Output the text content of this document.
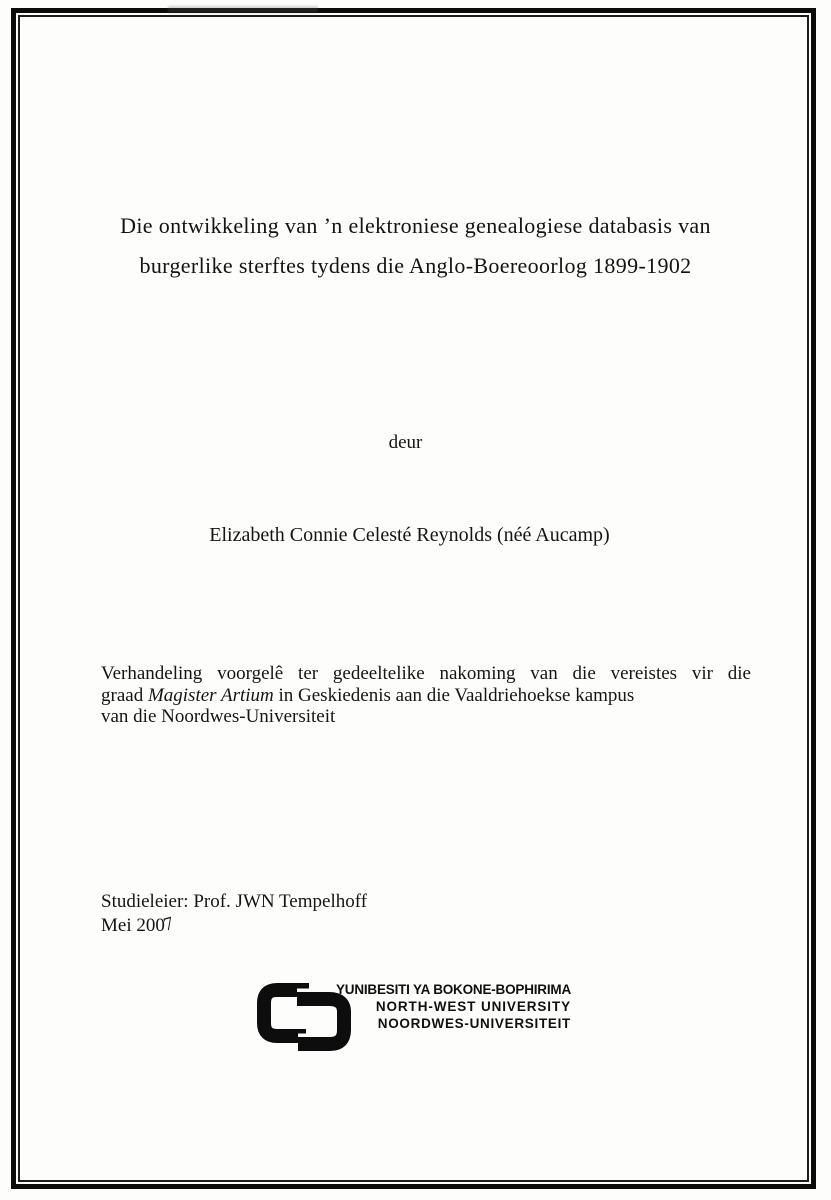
Die ontwikkeling van ’n elektroniese genealogiese databasis van
burgerlike sterftes tydens die Anglo-Boereoorlog 1899-1902
deur
Elizabeth Connie Celesté Reynolds (néé Aucamp)
Verhandeling voorgelê ter gedeeltelike nakoming van die vereistes vir die
graad Magister Artium in Geskiedenis aan die Vaaldriehoekse kampus
van die Noordwes-Universiteit
Studieleier: Prof. JWN Tempelhoff
Mei 2007
YUNIBESITI YA BOKONE-BOPHIRIMA
NORTH-WEST UNIVERSITY
NOORDWES-UNIVERSITEIT
